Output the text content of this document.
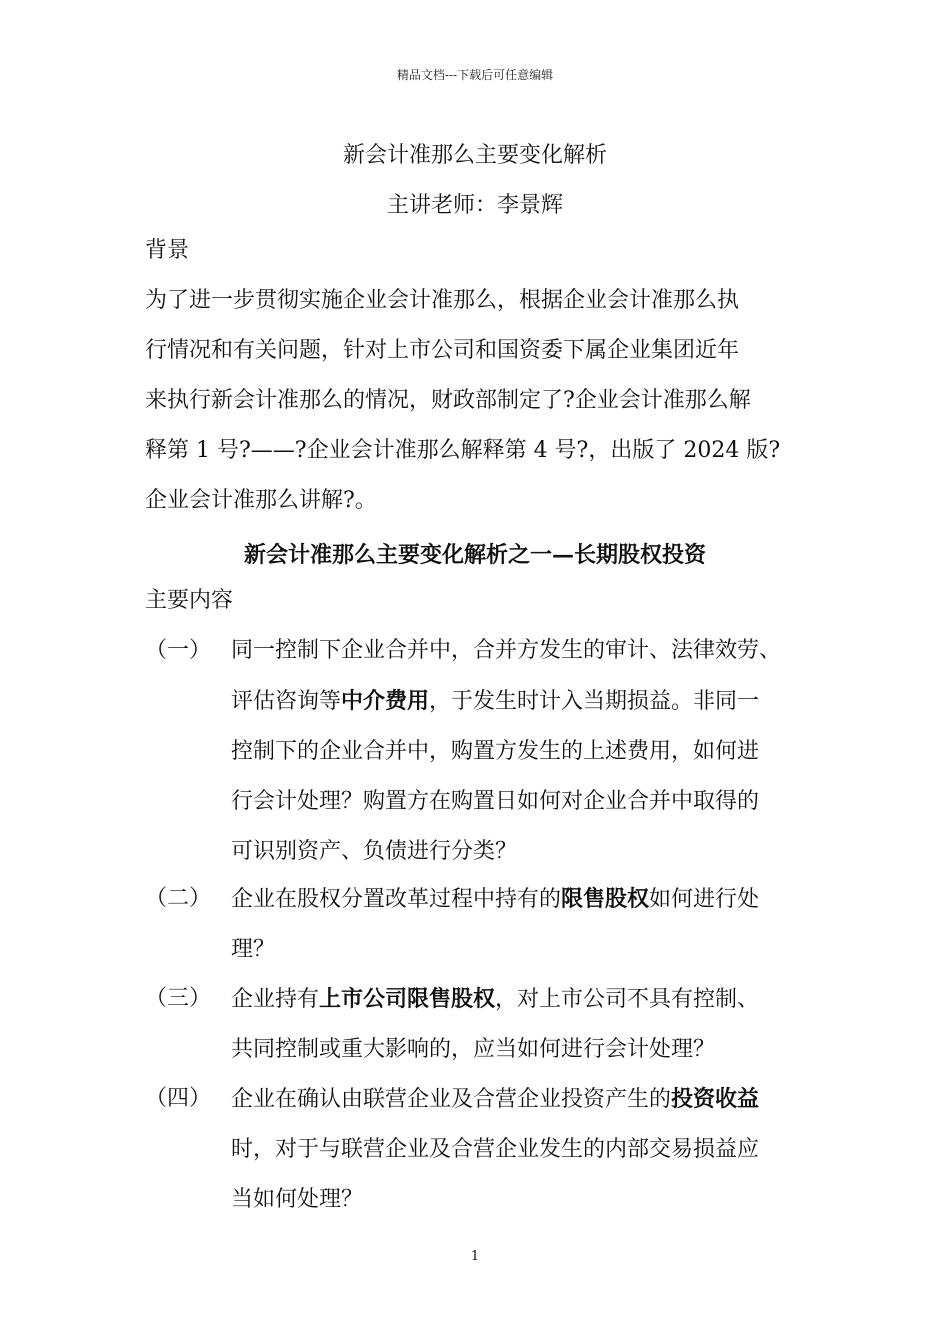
精品文档---下载后可任意编辑
新会计准那么主要变化解析
主讲老师：李景辉
背景
为了进一步贯彻实施企业会计准那么，根据企业会计准那么执
行情况和有关问题，针对上市公司和国资委下属企业集团近年
来执行新会计准那么的情况，财政部制定了?企业会计准那么解
释第 1 号?——?企业会计准那么解释第 4 号?，出版了 2024 版?
企业会计准那么讲解?。
新会计准那么主要变化解析之一—长期股权投资
主要内容
（一） 同一控制下企业合并中，合并方发生的审计、法律效劳、
评估咨询等中介费用，于发生时计入当期损益。非同一
控制下的企业合并中，购置方发生的上述费用，如何进
行会计处理？购置方在购置日如何对企业合并中取得的
可识别资产、负债进行分类？
（二） 企业在股权分置改革过程中持有的限售股权如何进行处
理？
（三） 企业持有上市公司限售股权，对上市公司不具有控制、
共同控制或重大影响的，应当如何进行会计处理？
（四） 企业在确认由联营企业及合营企业投资产生的投资收益
时，对于与联营企业及合营企业发生的内部交易损益应
当如何处理？
1
